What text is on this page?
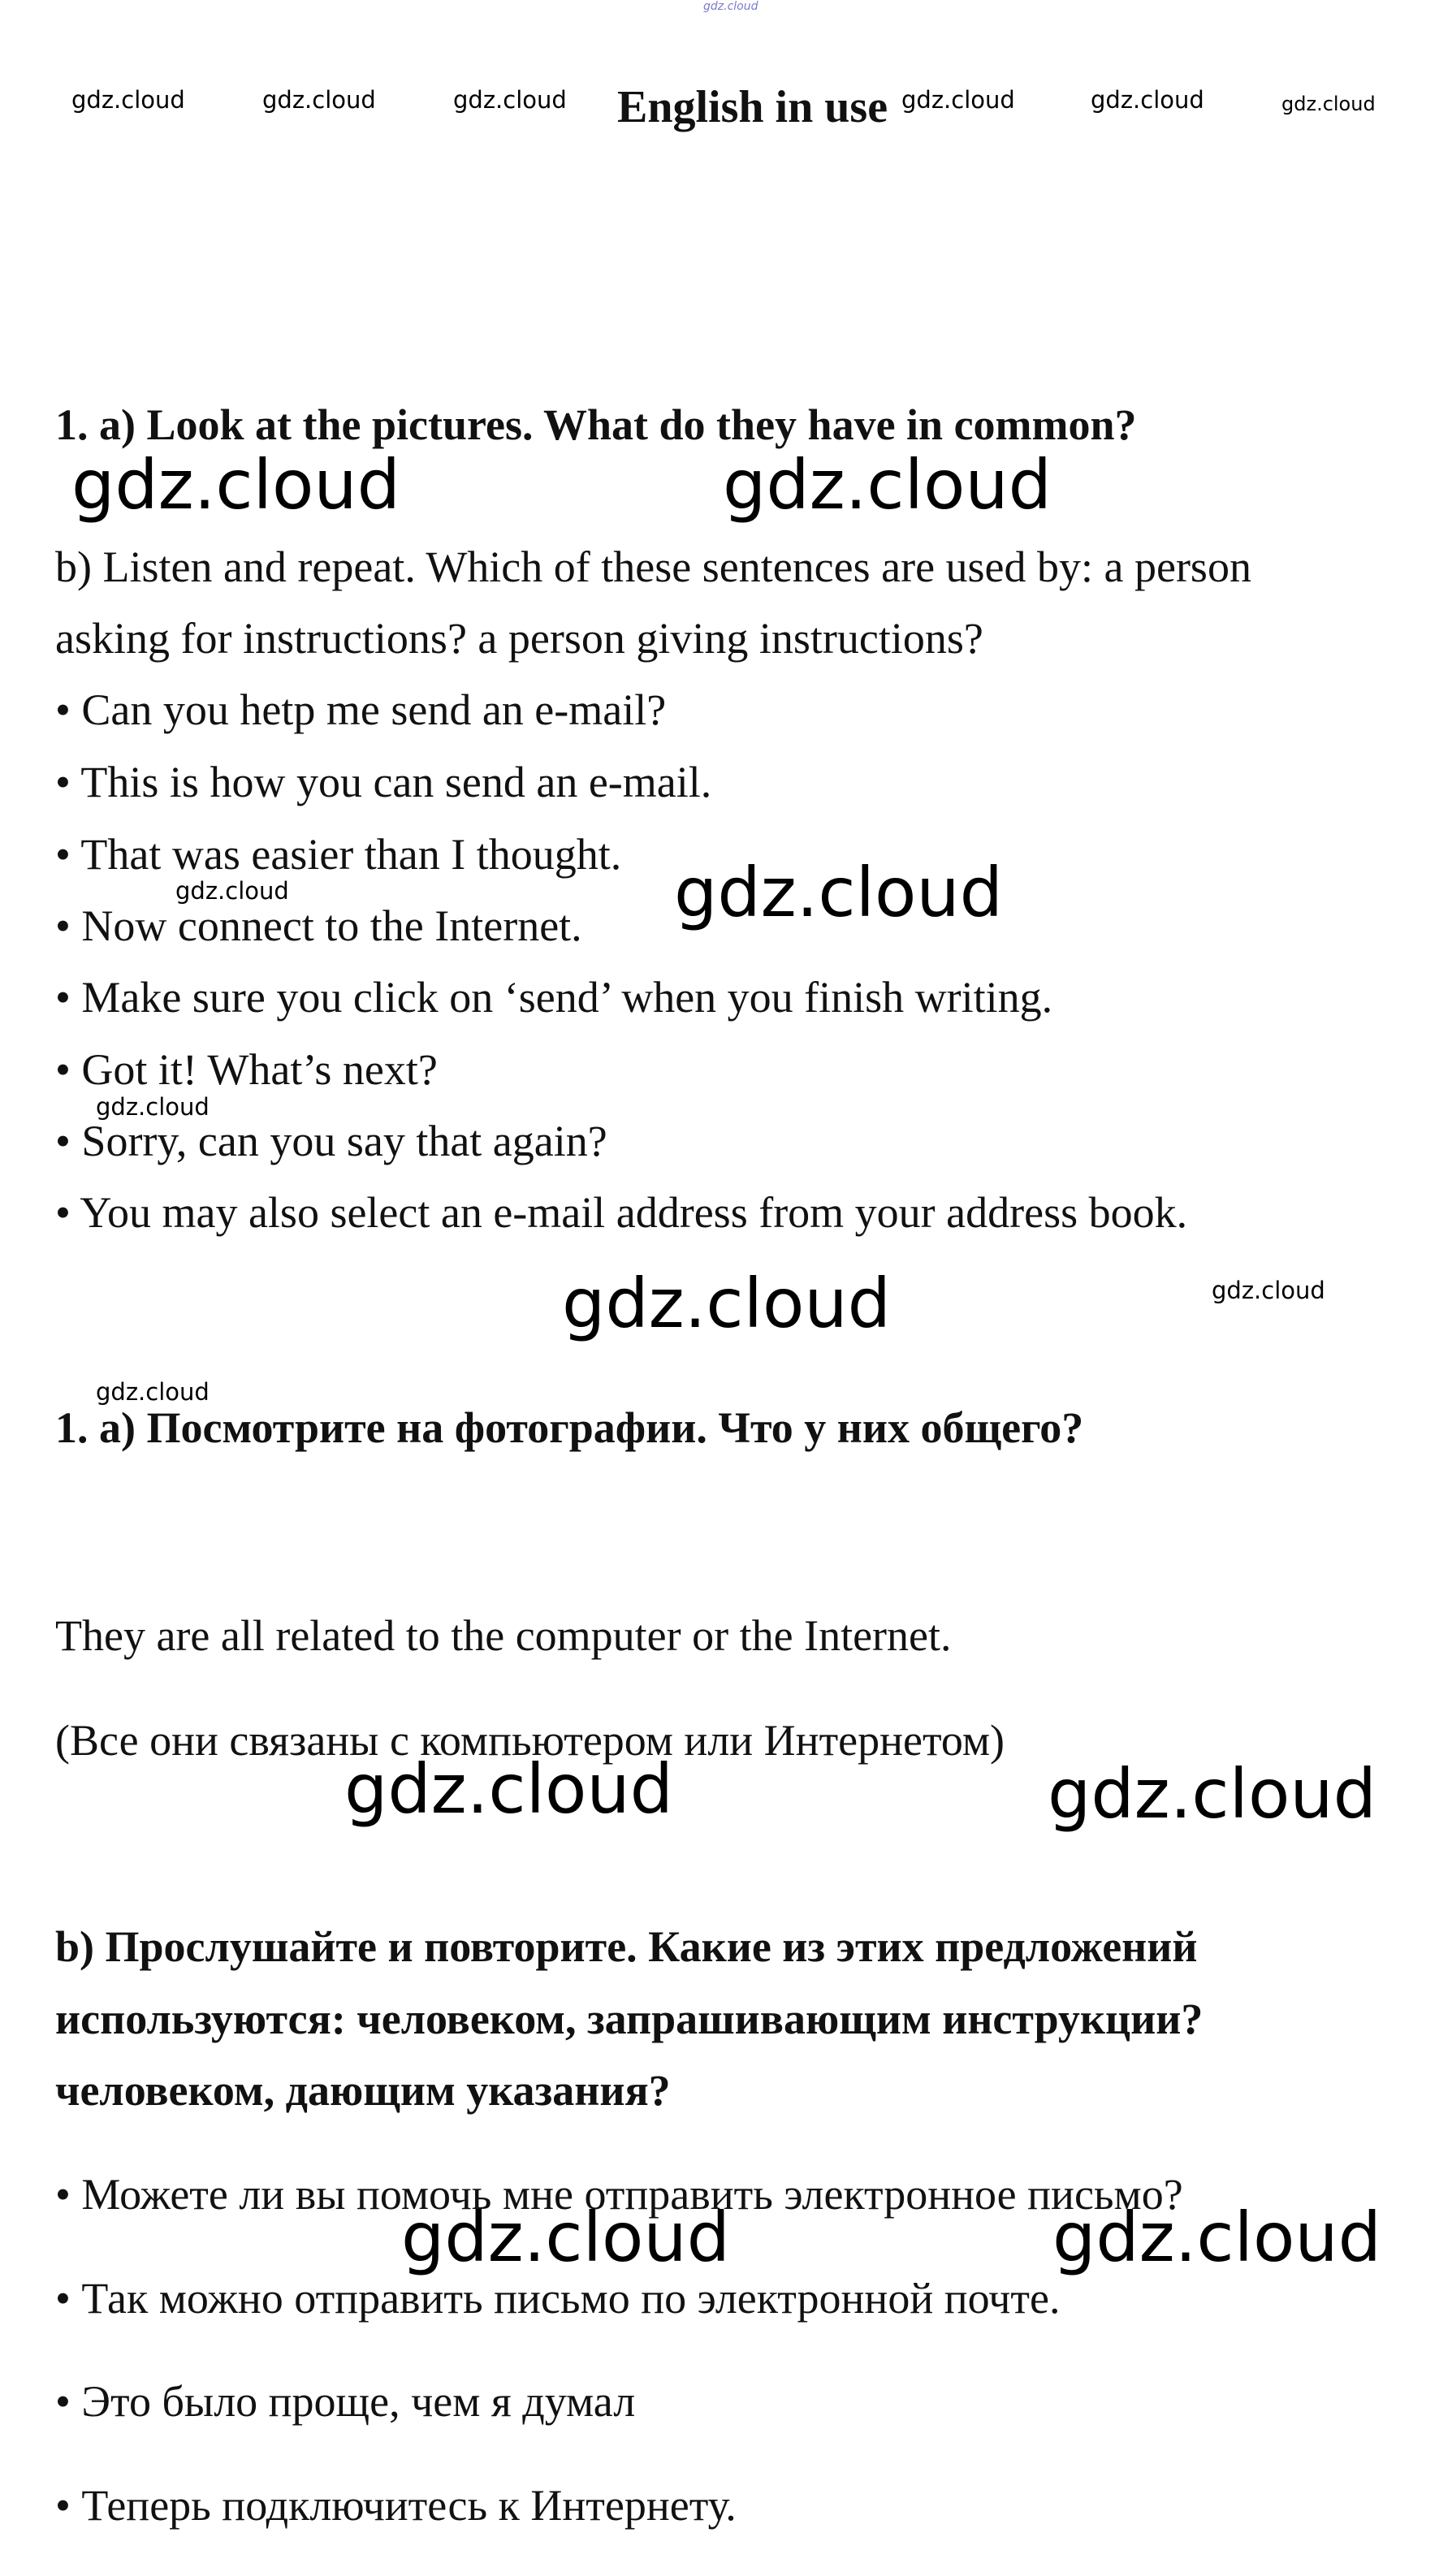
gdz.cloud
gdz.cloud	gdz.cloud	gdz.cloud	gdz.cloud	gdz.cloud	gdz.cloud
English in use
1. a) Look at the pictures. What do they have in common?
gdz.cloud	gdz.cloud
b) Listen and repeat. Which of these sentences are used by: a person
asking for instructions? a person giving instructions?
• Can you hetp me send an e-mail?
• This is how you can send an e-mail.
• That was easier than I thought.
gdz.cloud	gdz.cloud
• Now connect to the Internet.
• Make sure you click on ‘send’ when you finish writing.
• Got it! What’s next?
gdz.cloud
• Sorry, can you say that again?
• You may also select an e-mail address from your address book.
gdz.cloud	gdz.cloud
gdz.cloud
1. a) Посмотрите на фотографии. Что у них общего?
They are all related to the computer or the Internet.
(Все они связаны с компьютером или Интернетом)
gdz.cloud	gdz.cloud
b) Прослушайте и повторите. Какие из этих предложений
используются: человеком, запрашивающим инструкции?
человеком, дающим указания?
• Можете ли вы помочь мне отправить электронное письмо?
gdz.cloud	gdz.cloud
• Так можно отправить письмо по электронной почте.
• Это было проще, чем я думал
• Теперь подключитесь к Интернету.
